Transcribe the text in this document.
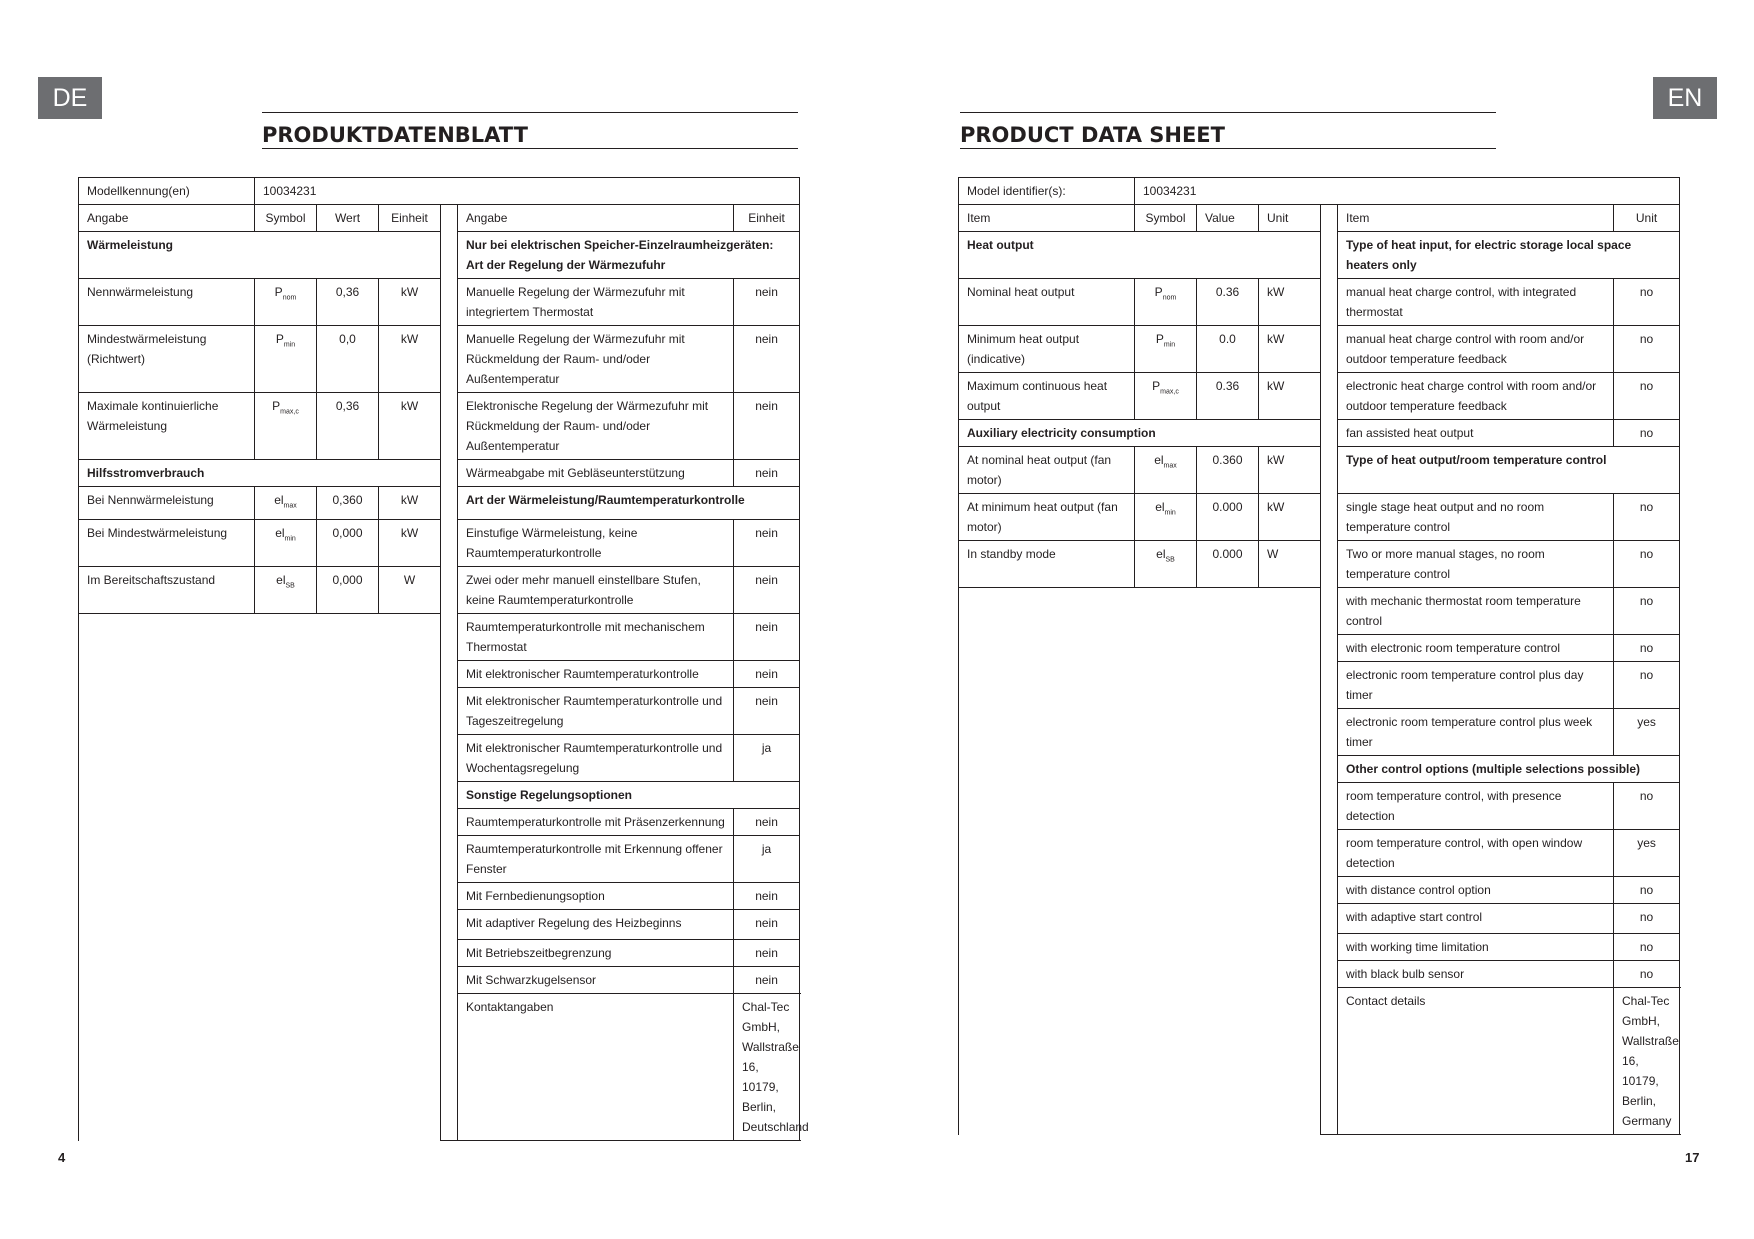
DE
PRODUKTDATENBLATT
4
Modellkennung(en)	10034231					
Angabe	Symbol	Wert	Einheit		Angabe	Einheit
Wärmeleistung					Nur bei elektrischen Speicher-Einzelraumheizgeräten: Art der Regelung der Wärmezufuhr	
Nennwärmeleistung	$P_{nom}$	0,36	kW		Manuelle Regelung der Wärmezufuhr mit integriertem Thermostat	nein
Mindestwärmeleistung (Richtwert)	$P_{min}$	0,0	kW		Manuelle Regelung der Wärmezufuhr mit Rückmeldung der Raum- und/oder Außentemperatur	nein
Maximale kontinuierliche Wärmeleistung	$P_{max,c}$	0,36	kW		Elektronische Regelung der Wärmezufuhr mit Rückmeldung der Raum- und/oder Außentemperatur	nein
Hilfsstromverbrauch					Wärmeabgabe mit Gebläseunterstützung	nein
Bei Nennwärmeleistung	$el_{max}$	0,360	kW		Art der Wärmeleistung/Raumtemperaturkontrolle	
Bei Mindestwärmeleistung	$el_{min}$	0,000	kW		Einstufige Wärmeleistung, keine Raumtemperaturkontrolle	nein
Im Bereitschaftszustand	$el_{SB}$	0,000	W		Zwei oder mehr manuell einstellbare Stufen, keine Raumtemperaturkontrolle	nein
					Raumtemperaturkontrolle mit mechanischem Thermostat	nein
					Mit elektronischer Raumtemperaturkontrolle	nein
					Mit elektronischer Raumtemperaturkontrolle und Tageszeitregelung	nein
					Mit elektronischer Raumtemperaturkontrolle und Wochentagsregelung	ja
					Sonstige Regelungsoptionen	
					Raumtemperaturkontrolle mit Präsenzerkennung	nein
					Raumtemperaturkontrolle mit Erkennung offener Fenster	ja
					Mit Fernbedienungsoption	nein
					Mit adaptiver Regelung des Heizbeginns	nein
					Mit Betriebszeitbegrenzung	nein
					Mit Schwarzkugelsensor	nein
					Kontaktangaben	Chal-Tec GmbH, Wallstraße 16, 10179, Berlin, Deutschland
EN
PRODUCT DATA SHEET
17
Model identifier(s):	10034231					
Item	Symbol	Value	Unit		Item	Unit
Heat output					Type of heat input, for electric storage local space heaters only	
Nominal heat output	$P_{nom}$	0.36	kW		manual heat charge control, with integrated thermostat	no
Minimum heat output (indicative)	$P_{min}$	0.0	kW		manual heat charge control with room and/or outdoor temperature feedback	no
Maximum continuous heat output	$P_{max,c}$	0.36	kW		electronic heat charge control with room and/or outdoor temperature feedback	no
Auxiliary electricity consumption					fan assisted heat output	no
At nominal heat output (fan motor)	$el_{max}$	0.360	kW		Type of heat output/room temperature control	
At minimum heat output (fan motor)	$el_{min}$	0.000	kW		single stage heat output and no room temperature control	no
In standby mode	$el_{SB}$	0.000	W		Two or more manual stages, no room temperature control	no
					with mechanic thermostat room temperature control	no
					with electronic room temperature control	no
					electronic room temperature control plus day timer	no
					electronic room temperature control plus week timer	yes
					Other control options (multiple selections possible)	
					room temperature control, with presence detection	no
					room temperature control, with open window detection	yes
					with distance control option	no
					with adaptive start control	no
					with working time limitation	no
					with black bulb sensor	no
					Contact details	Chal-Tec GmbH, Wallstraße 16, 10179, Berlin, Germany
